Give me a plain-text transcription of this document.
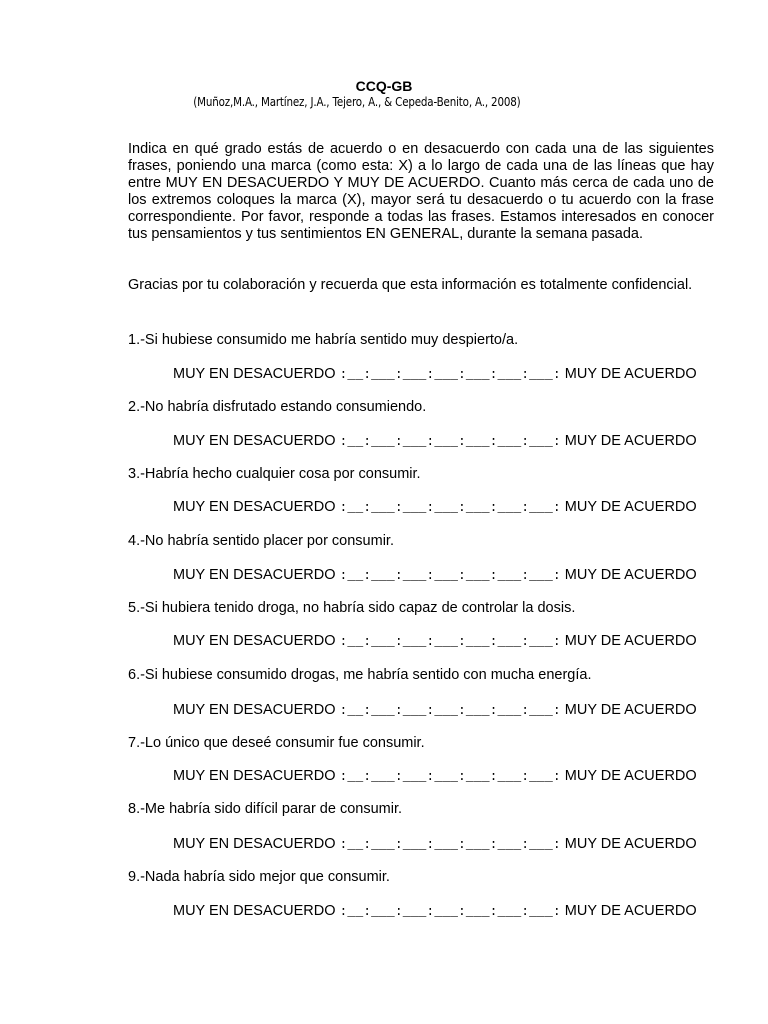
CCQ-GB
(Muñoz,M.A., Martínez, J.A., Tejero, A., & Cepeda-Benito, A., 2008)
Indica en qué grado estás de acuerdo o en desacuerdo con cada una de las siguientes frases, poniendo una marca (como esta: X) a lo largo de cada una de las líneas que hay entre MUY EN DESACUERDO Y MUY DE ACUERDO. Cuanto más cerca de cada uno de los extremos coloques la marca (X), mayor será tu desacuerdo o tu acuerdo con la frase correspondiente. Por favor, responde a todas las frases. Estamos interesados en conocer tus pensamientos y tus sentimientos EN GENERAL, durante la semana pasada.
Gracias por tu colaboración y recuerda que esta información es totalmente confidencial.
1.-Si hubiese consumido me habría sentido muy despierto/a.
MUY EN DESACUERDO :__:___:___:___:___:___:___: MUY DE ACUERDO
2.-No habría disfrutado estando consumiendo.
MUY EN DESACUERDO :__:___:___:___:___:___:___: MUY DE ACUERDO
3.-Habría hecho cualquier cosa por consumir.
MUY EN DESACUERDO :__:___:___:___:___:___:___: MUY DE ACUERDO
4.-No habría sentido placer por consumir.
MUY EN DESACUERDO :__:___:___:___:___:___:___: MUY DE ACUERDO
5.-Si hubiera tenido droga, no habría sido capaz de controlar la dosis.
MUY EN DESACUERDO :__:___:___:___:___:___:___: MUY DE ACUERDO
6.-Si hubiese consumido drogas, me habría sentido con mucha energía.
MUY EN DESACUERDO :__:___:___:___:___:___:___: MUY DE ACUERDO
7.-Lo único que deseé consumir fue consumir.
MUY EN DESACUERDO :__:___:___:___:___:___:___: MUY DE ACUERDO
8.-Me habría sido difícil parar de consumir.
MUY EN DESACUERDO :__:___:___:___:___:___:___: MUY DE ACUERDO
9.-Nada habría sido mejor que consumir.
MUY EN DESACUERDO :__:___:___:___:___:___:___: MUY DE ACUERDO
